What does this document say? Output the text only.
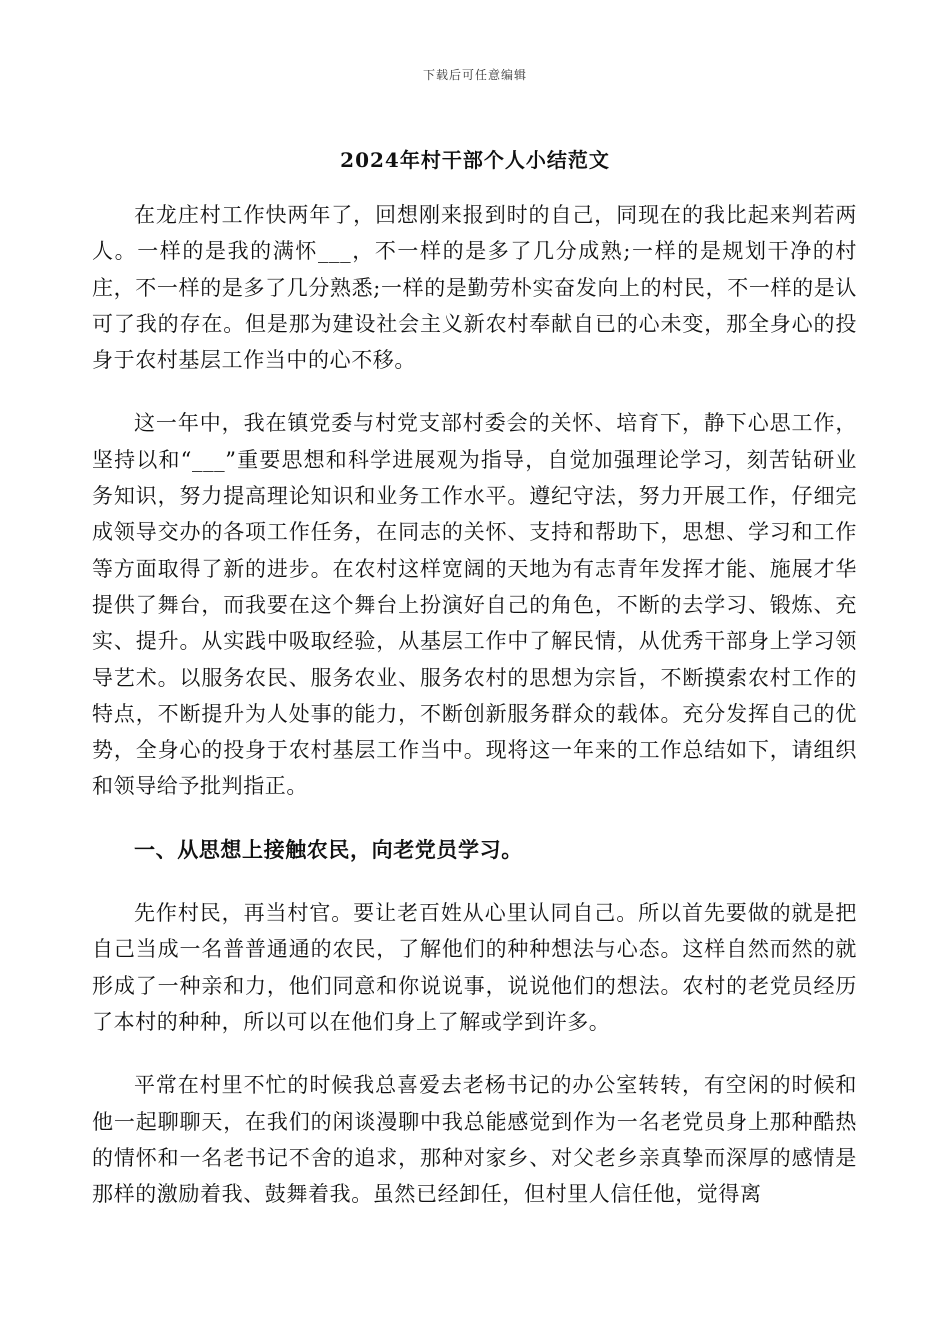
下载后可任意编辑
2024年村干部个人小结范文

在龙庄村工作快两年了，回想刚来报到时的自己，同现在的我比起来判若两人。一样的是我的满怀___，不一样的是多了几分成熟;一样的是规划干净的村庄，不一样的是多了几分熟悉;一样的是勤劳朴实奋发向上的村民，不一样的是认可了我的存在。但是那为建设社会主义新农村奉献自已的心未变，那全身心的投身于农村基层工作当中的心不移。

这一年中，我在镇党委与村党支部村委会的关怀、培育下，静下心思工作，坚持以和“___”重要思想和科学进展观为指导，自觉加强理论学习，刻苦钻研业务知识，努力提高理论知识和业务工作水平。遵纪守法，努力开展工作，仔细完成领导交办的各项工作任务，在同志的关怀、支持和帮助下，思想、学习和工作等方面取得了新的进步。在农村这样宽阔的天地为有志青年发挥才能、施展才华提供了舞台，而我要在这个舞台上扮演好自己的角色，不断的去学习、锻炼、充实、提升。从实践中吸取经验，从基层工作中了解民情，从优秀干部身上学习领导艺术。以服务农民、服务农业、服务农村的思想为宗旨，不断摸索农村工作的特点，不断提升为人处事的能力，不断创新服务群众的载体。充分发挥自己的优势，全身心的投身于农村基层工作当中。现将这一年来的工作总结如下，请组织和领导给予批判指正。

一、从思想上接触农民，向老党员学习。

先作村民，再当村官。要让老百姓从心里认同自己。所以首先要做的就是把自己当成一名普普通通的农民，了解他们的种种想法与心态。这样自然而然的就形成了一种亲和力，他们同意和你说说事，说说他们的想法。农村的老党员经历了本村的种种，所以可以在他们身上了解或学到许多。

平常在村里不忙的时候我总喜爱去老杨书记的办公室转转，有空闲的时候和他一起聊聊天，在我们的闲谈漫聊中我总能感觉到作为一名老党员身上那种酷热的情怀和一名老书记不舍的追求，那种对家乡、对父老乡亲真挚而深厚的感情是那样的激励着我、鼓舞着我。虽然已经卸任，但村里人信任他，觉得离
